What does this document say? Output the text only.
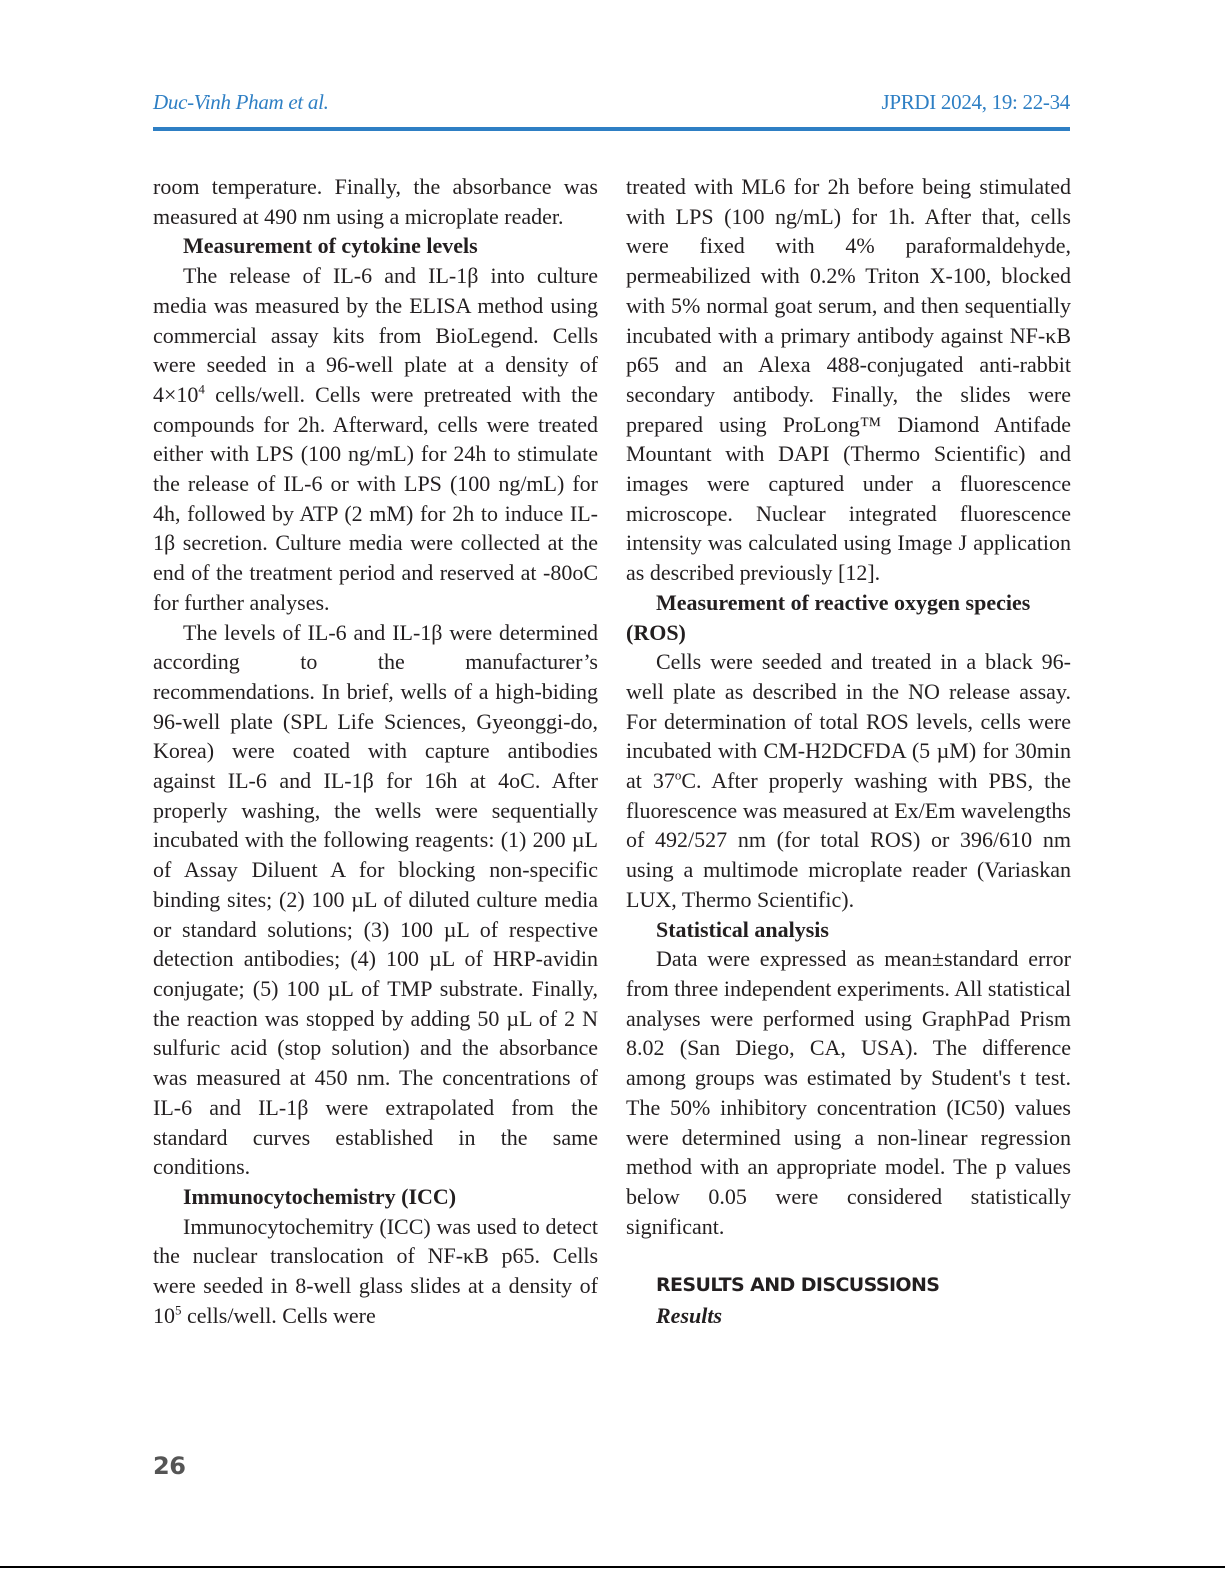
Duc-Vinh Pham et al.	JPRDI 2024, 19: 22-34

room temperature. Finally, the absorbance was measured at 490 nm using a microplate reader.

Measurement of cytokine levels

The release of IL-6 and IL-1β into culture media was measured by the ELISA method using commercial assay kits from BioLegend. Cells were seeded in a 96-well plate at a density of $4\times 10^4$ cells/well. Cells were pretreated with the compounds for 2h. Afterward, cells were treated either with LPS (100 ng/mL) for 24h to stimulate the release of IL-6 or with LPS (100 ng/mL) for 4h, followed by ATP (2 mM) for 2h to induce IL-1β secretion. Culture media were collected at the end of the treatment period and reserved at -80oC for further analyses.

The levels of IL-6 and IL-1β were determined according to the manufacturer’s recommendations. In brief, wells of a high-biding 96-well plate (SPL Life Sciences, Gyeonggi-do, Korea) were coated with capture antibodies against IL-6 and IL-1β for 16h at 4oC. After properly washing, the wells were sequentially incubated with the following reagents: (1) 200 µL of Assay Diluent A for blocking non-specific binding sites; (2) 100 µL of diluted culture media or standard solutions; (3) 100 µL of respective detection antibodies; (4) 100 µL of HRP-avidin conjugate; (5) 100 µL of TMP substrate. Finally, the reaction was stopped by adding 50 µL of 2 N sulfuric acid (stop solution) and the absorbance was measured at 450 nm. The concentrations of IL-6 and IL-1β were extrapolated from the standard curves established in the same conditions.

Immunocytochemistry (ICC)

Immunocytochemitry (ICC) was used to detect the nuclear translocation of NF-κB p65. Cells were seeded in 8-well glass slides at a density of $10^5$ cells/well. Cells were

treated with ML6 for 2h before being stimulated with LPS (100 ng/mL) for 1h. After that, cells were fixed with 4% paraformaldehyde, permeabilized with 0.2% Triton X-100, blocked with 5% normal goat serum, and then sequentially incubated with a primary antibody against NF-κB p65 and an Alexa 488-conjugated anti-rabbit secondary antibody. Finally, the slides were prepared using ProLong™ Diamond Antifade Mountant with DAPI (Thermo Scientific) and images were captured under a fluorescence microscope. Nuclear integrated fluorescence intensity was calculated using Image J application as described previously [12].

Measurement of reactive oxygen species (ROS)

Cells were seeded and treated in a black 96-well plate as described in the NO release assay. For determination of total ROS levels, cells were incubated with CM-H2DCFDA (5 µM) for 30min at 37$^o$C. After properly washing with PBS, the fluorescence was measured at Ex/Em wavelengths of 492/527 nm (for total ROS) or 396/610 nm using a multimode microplate reader (Variaskan LUX, Thermo Scientific).

Statistical analysis

Data were expressed as mean±standard error from three independent experiments. All statistical analyses were performed using GraphPad Prism 8.02 (San Diego, CA, USA). The difference among groups was estimated by Student's t test. The 50% inhibitory concentration (IC50) values were determined using a non-linear regression method with an appropriate model. The p values below 0.05 were considered statistically significant.

RESULTS AND DISCUSSIONS
Results
26
